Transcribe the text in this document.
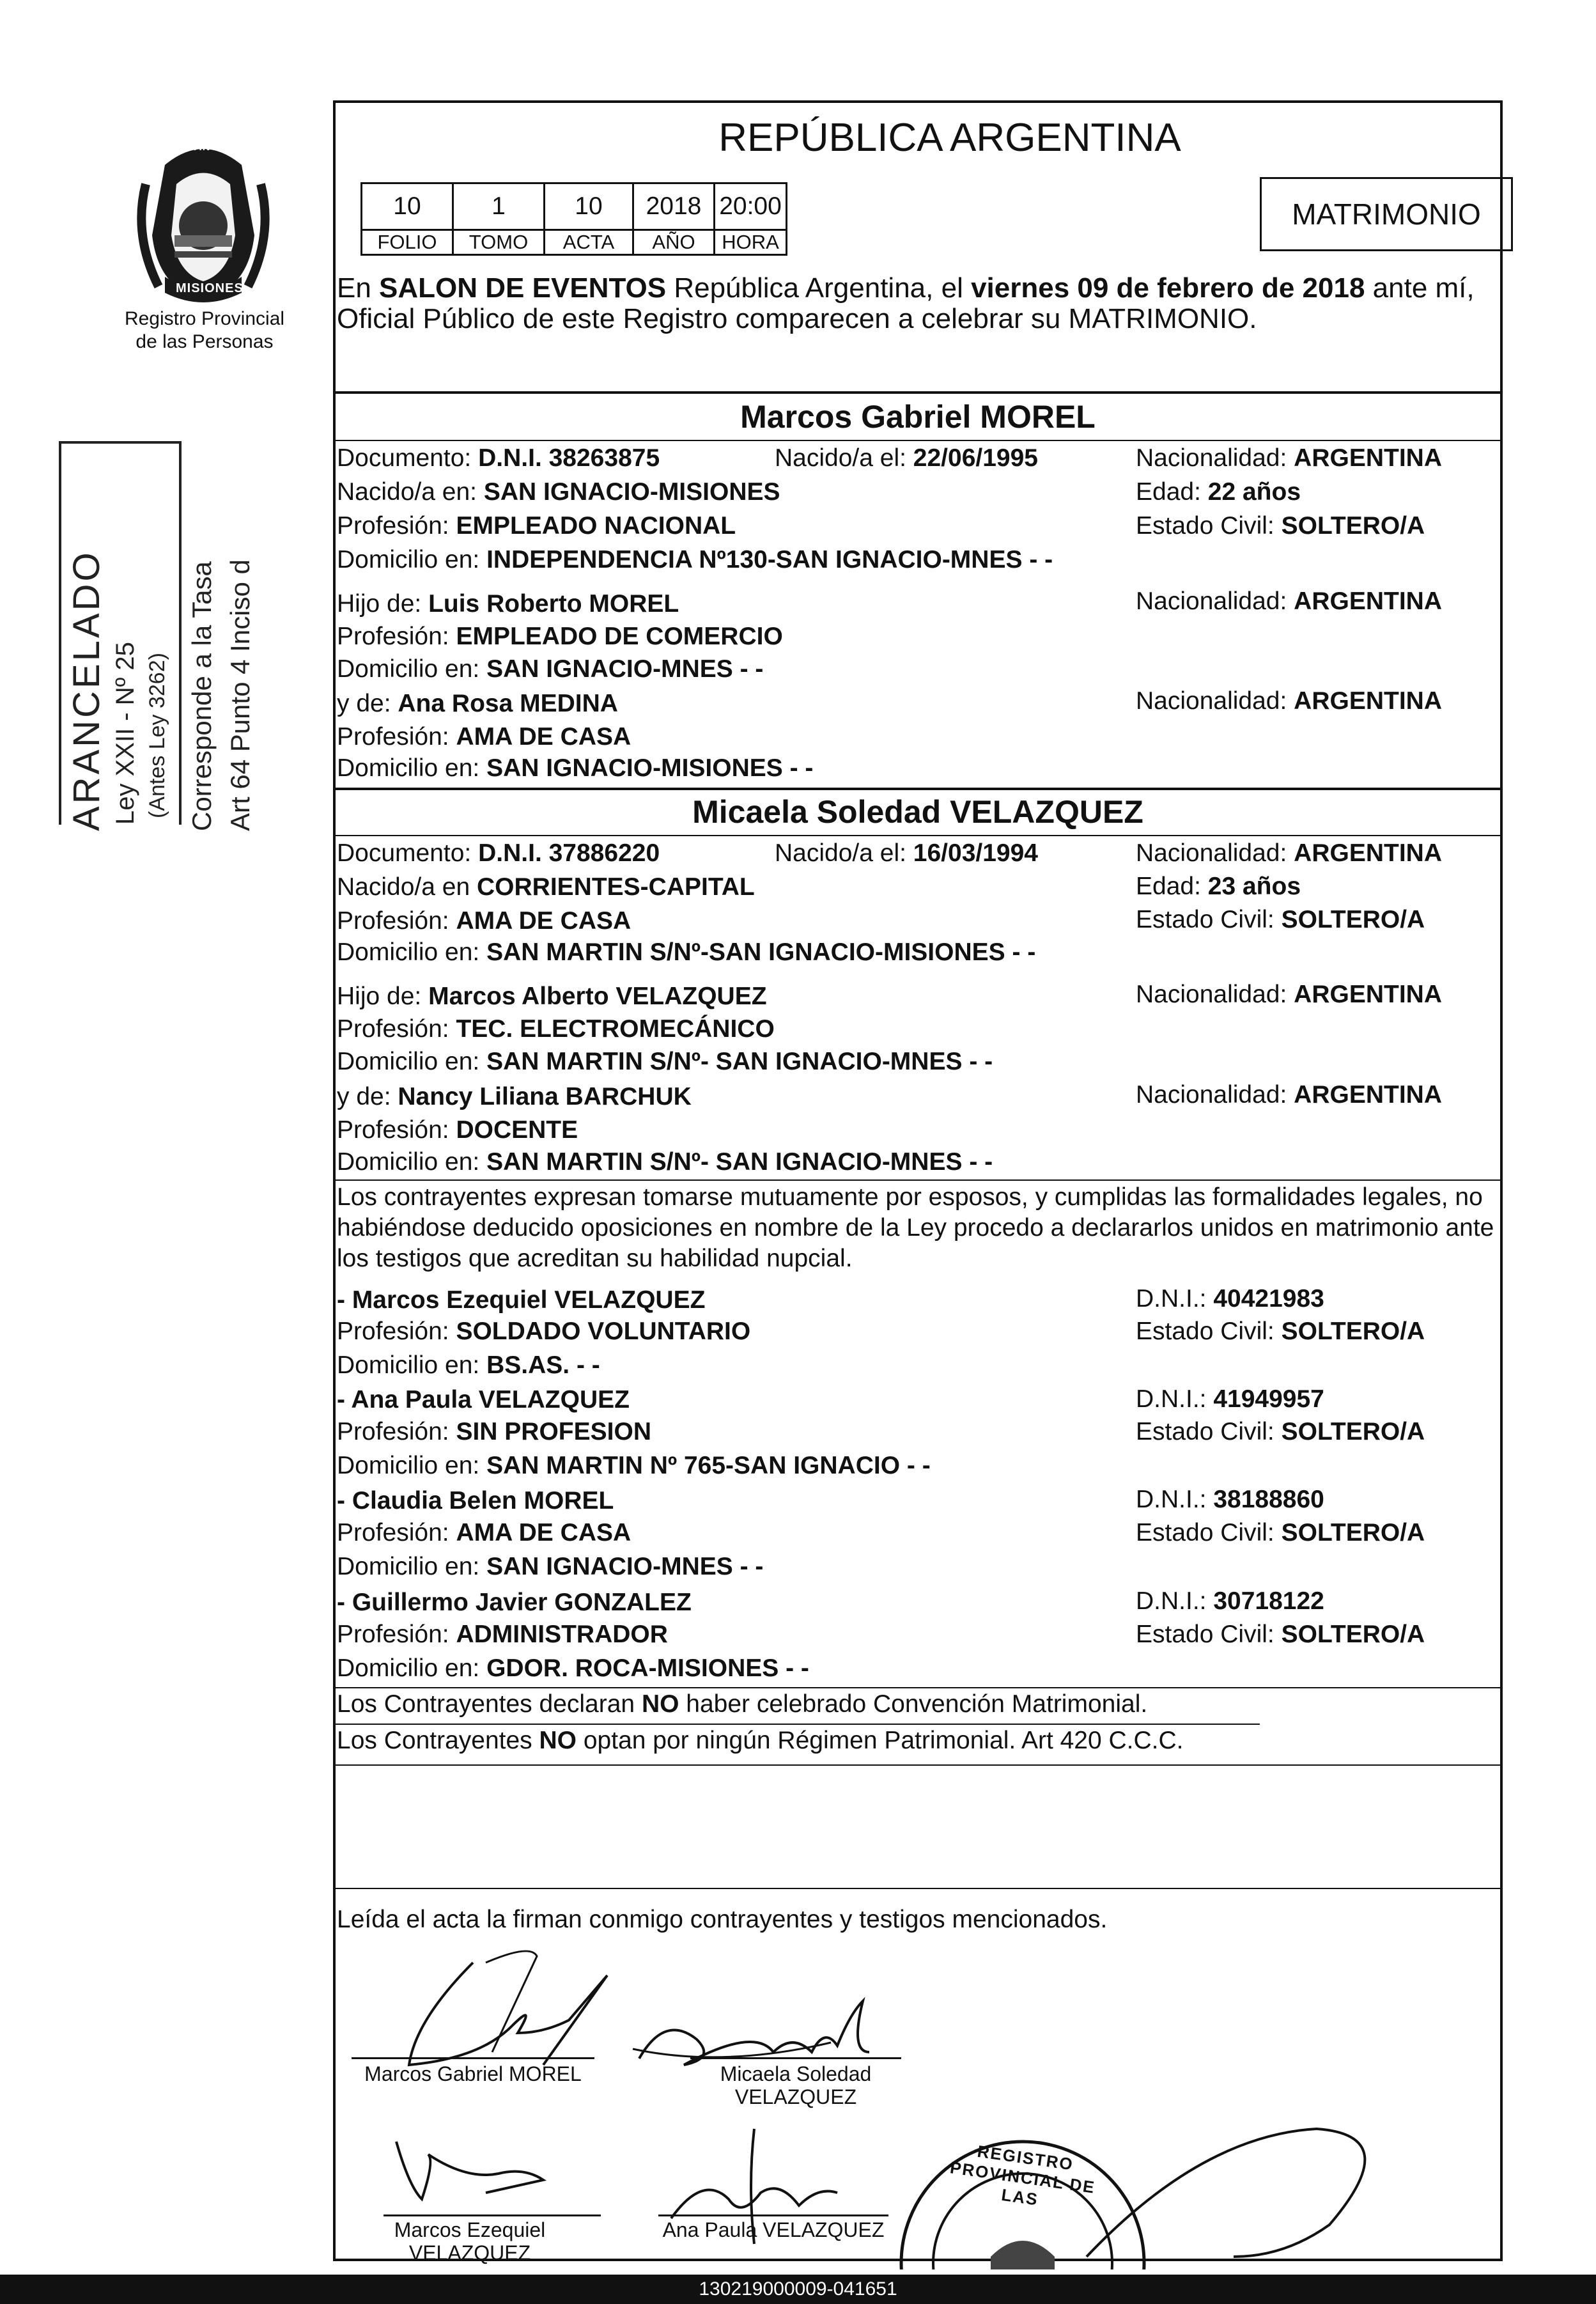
PROVINCIA DE
MISIONES
Registro Provincial
de las Personas
ARANCELADO Ley XXII - Nº 25 (Antes Ley 3262) Corresponde a la Tasa Art 64 Punto 4 Inciso d
REPÚBLICA ARGENTINA
10	1	10	2018	20:00
FOLIO	TOMO	ACTA	AÑO	HORA
MATRIMONIO
En SALON DE EVENTOS República Argentina, el viernes 09 de febrero de 2018 ante mí,
Oficial Público de este Registro comparecen a celebrar su MATRIMONIO.
Marcos Gabriel MOREL
Documento: D.N.I. 38263875	Nacido/a el: 22/06/1995	Nacionalidad: ARGENTINA
Nacido/a en: SAN IGNACIO-MISIONES	Edad: 22 años
Profesión: EMPLEADO NACIONAL	Estado Civil: SOLTERO/A
Domicilio en: INDEPENDENCIA Nº130-SAN IGNACIO-MNES - -
Hijo de: Luis Roberto MOREL	Nacionalidad: ARGENTINA
Profesión: EMPLEADO DE COMERCIO
Domicilio en: SAN IGNACIO-MNES - -
y de: Ana Rosa MEDINA	Nacionalidad: ARGENTINA
Profesión: AMA DE CASA
Domicilio en: SAN IGNACIO-MISIONES - -
Micaela Soledad VELAZQUEZ
Documento: D.N.I. 37886220	Nacido/a el: 16/03/1994	Nacionalidad: ARGENTINA
Nacido/a en CORRIENTES-CAPITAL	Edad: 23 años
Profesión: AMA DE CASA	Estado Civil: SOLTERO/A
Domicilio en: SAN MARTIN S/Nº-SAN IGNACIO-MISIONES - -
Hijo de: Marcos Alberto VELAZQUEZ	Nacionalidad: ARGENTINA
Profesión: TEC. ELECTROMECÁNICO
Domicilio en: SAN MARTIN S/Nº- SAN IGNACIO-MNES - -
y de: Nancy Liliana BARCHUK	Nacionalidad: ARGENTINA
Profesión: DOCENTE
Domicilio en: SAN MARTIN S/Nº- SAN IGNACIO-MNES - -
Los contrayentes expresan tomarse mutuamente por esposos, y cumplidas las formalidades legales, no
habiéndose deducido oposiciones en nombre de la Ley procedo a declararlos unidos en matrimonio ante
los testigos que acreditan su habilidad nupcial.
- Marcos Ezequiel VELAZQUEZ	D.N.I.: 40421983
Profesión: SOLDADO VOLUNTARIO	Estado Civil: SOLTERO/A
Domicilio en: BS.AS. - -
- Ana Paula VELAZQUEZ	D.N.I.: 41949957
Profesión: SIN PROFESION	Estado Civil: SOLTERO/A
Domicilio en: SAN MARTIN Nº 765-SAN IGNACIO - -
- Claudia Belen MOREL	D.N.I.: 38188860
Profesión: AMA DE CASA	Estado Civil: SOLTERO/A
Domicilio en: SAN IGNACIO-MNES - -
- Guillermo Javier GONZALEZ	D.N.I.: 30718122
Profesión: ADMINISTRADOR	Estado Civil: SOLTERO/A
Domicilio en: GDOR. ROCA-MISIONES - -
Los Contrayentes declaran NO haber celebrado Convención Matrimonial.
Los Contrayentes NO optan por ningún Régimen Patrimonial. Art 420 C.C.C.
Leída el acta la firman conmigo contrayentes y testigos mencionados.
Marcos Gabriel MOREL	Micaela Soledad
VELAZQUEZ
Marcos Ezequiel
VELAZQUEZ
Ana Paula VELAZQUEZ
REGISTRO PROVINCIAL DE LAS
130219000009-041651
